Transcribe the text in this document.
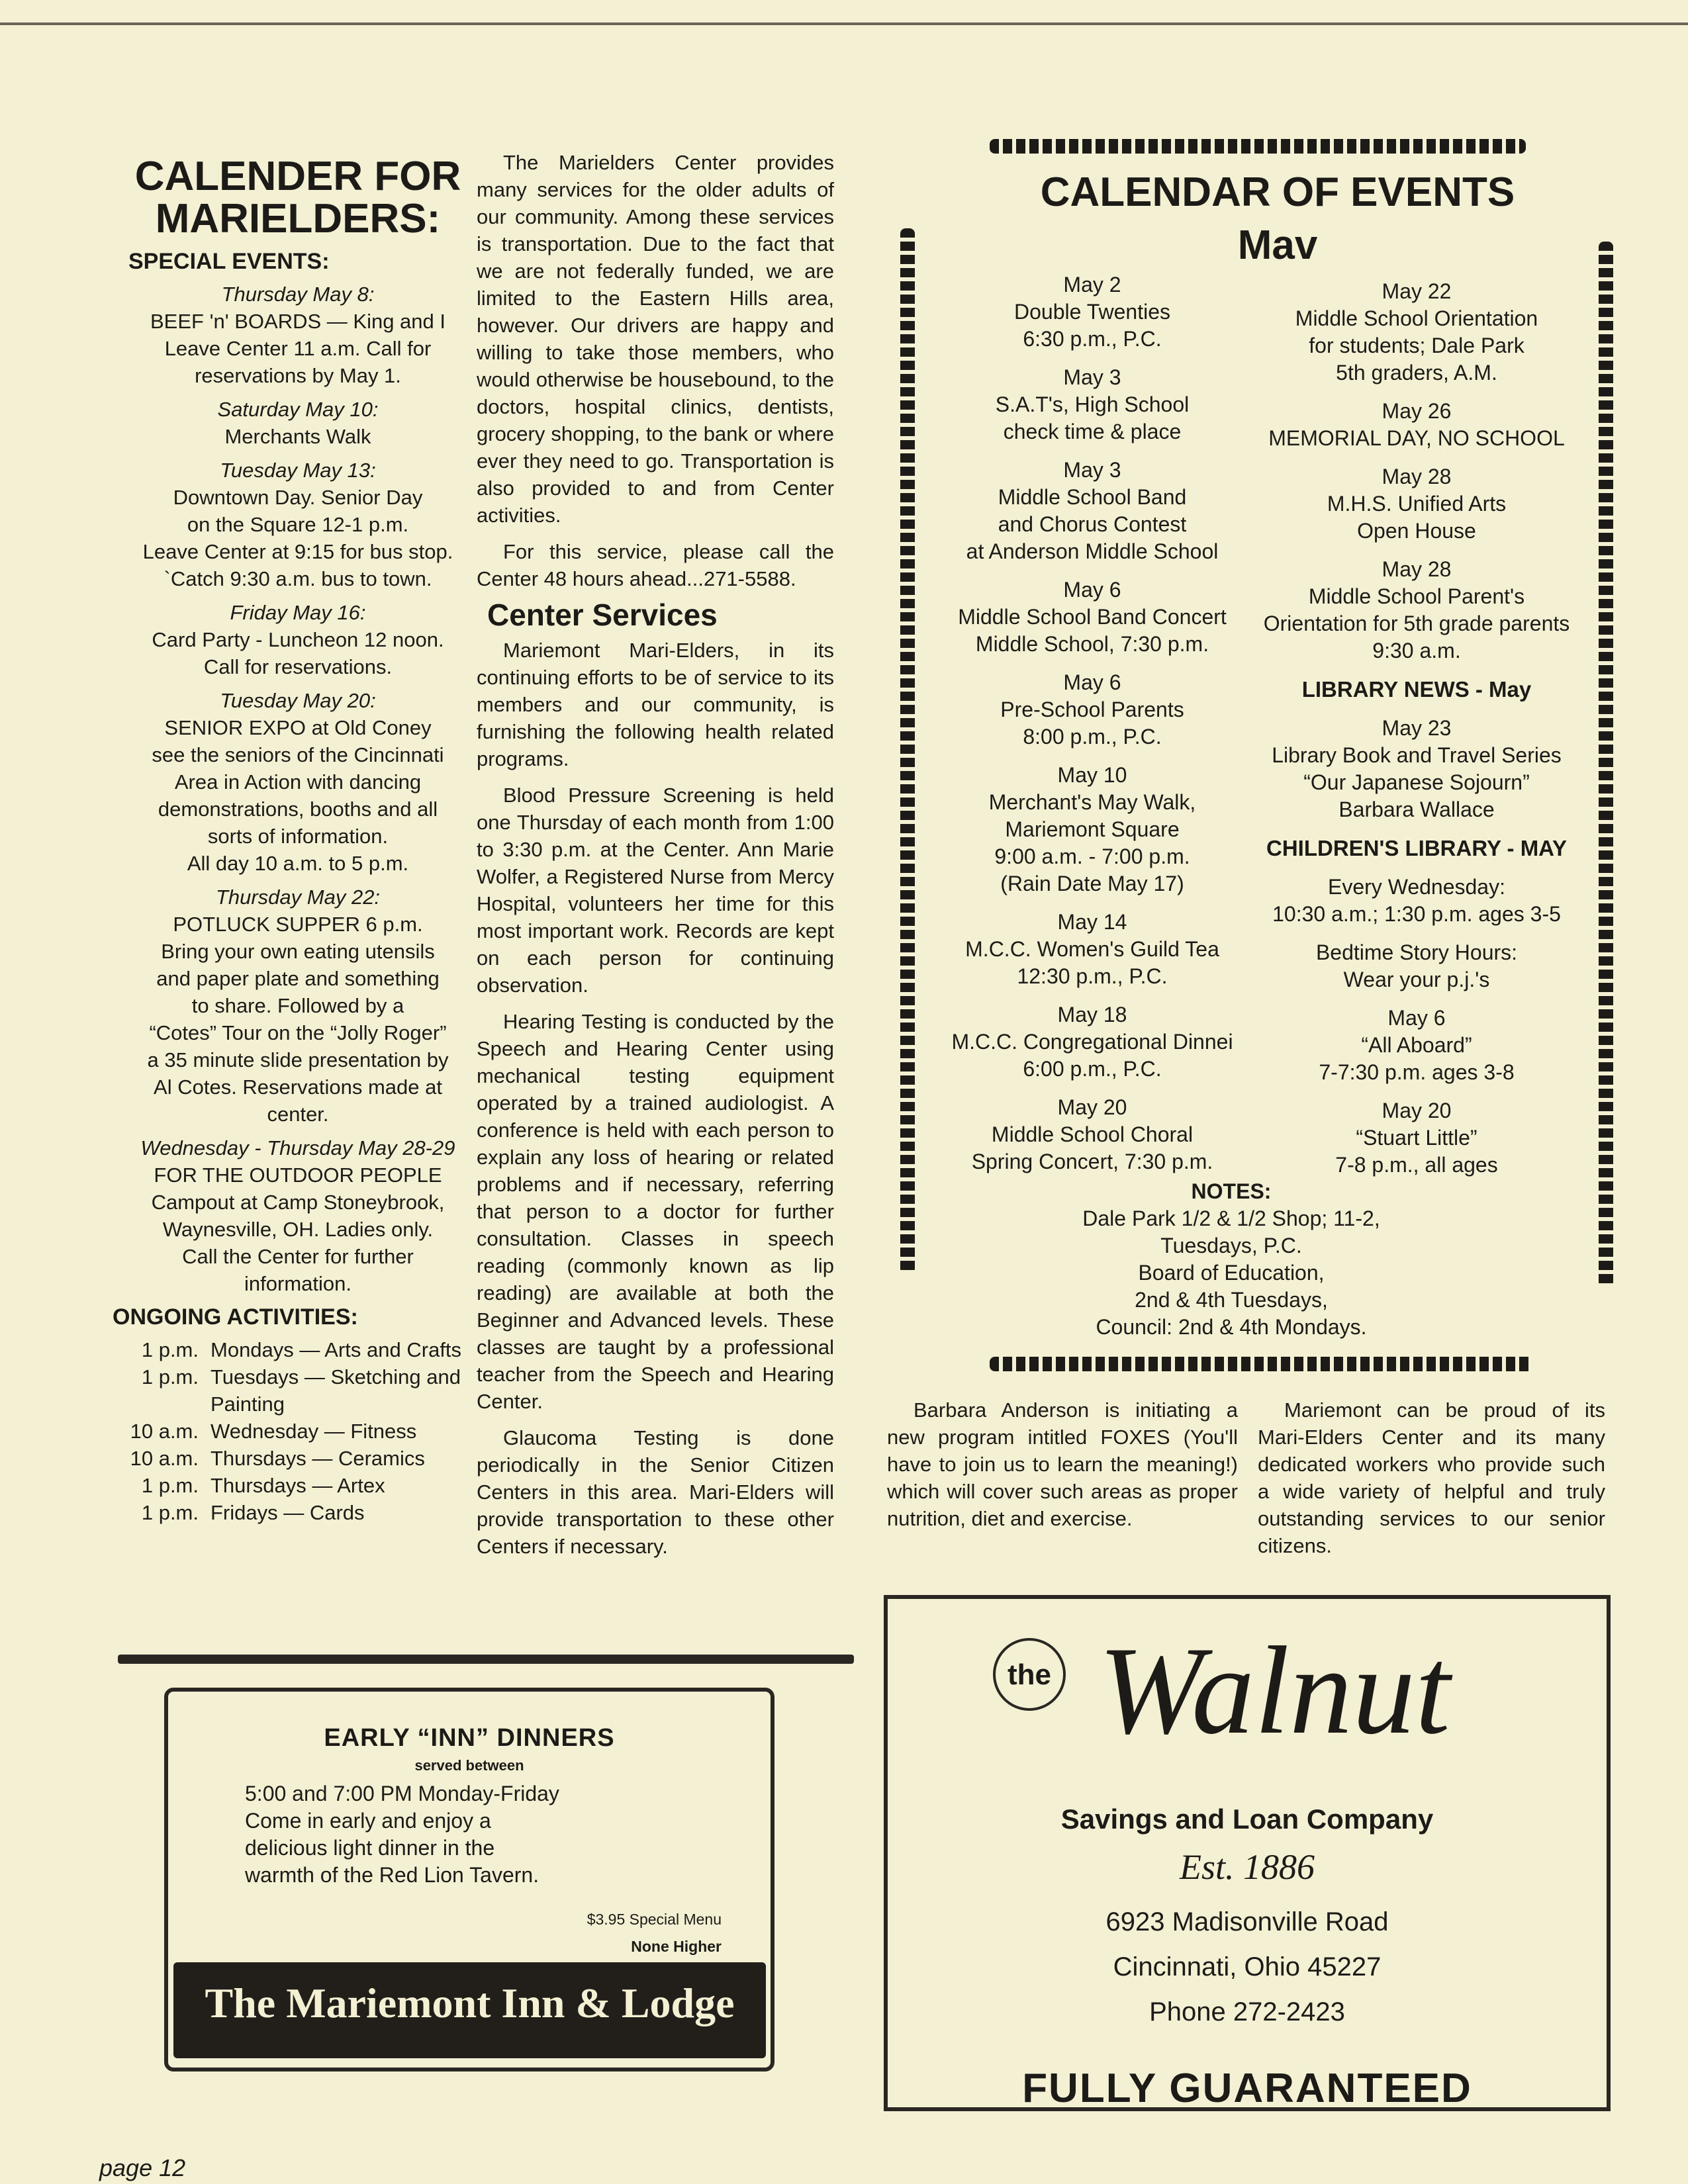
CALENDER FOR
MARIELDERS:
SPECIAL EVENTS:
Thursday May 8:
BEEF 'n' BOARDS — King and I
Leave Center 11 a.m. Call for
reservations by May 1.
Saturday May 10:
Merchants Walk
Tuesday May 13:
Downtown Day. Senior Day
on the Square 12-1 p.m.
Leave Center at 9:15 for bus stop.
`Catch 9:30 a.m. bus to town.
Friday May 16:
Card Party - Luncheon 12 noon.
Call for reservations.
Tuesday May 20:
SENIOR EXPO at Old Coney
see the seniors of the Cincinnati
Area in Action with dancing
demonstrations, booths and all
sorts of information.
All day 10 a.m. to 5 p.m.
Thursday May 22:
POTLUCK SUPPER 6 p.m.
Bring your own eating utensils
and paper plate and something
to share. Followed by a
“Cotes” Tour on the “Jolly Roger”
a 35 minute slide presentation by
Al Cotes. Reservations made at
center.
Wednesday - Thursday May 28-29
FOR THE OUTDOOR PEOPLE
Campout at Camp Stoneybrook,
Waynesville, OH. Ladies only.
Call the Center for further
information.
ONGOING ACTIVITIES:
1 p.m. Mondays — Arts and Crafts
1 p.m. Tuesdays — Sketching and Painting
10 a.m. Wednesday — Fitness
10 a.m. Thursdays — Ceramics
1 p.m. Thursdays — Artex
1 p.m. Fridays — Cards

The Marielders Center provides many services for the older adults of our community. Among these services is transportation. Due to the fact that we are not federally funded, we are limited to the Eastern Hills area, however. Our drivers are happy and willing to take those members, who would otherwise be housebound, to the doctors, hospital clinics, dentists, grocery shopping, to the bank or where ever they need to go. Transportation is also provided to and from Center activities.

For this service, please call the Center 48 hours ahead...271-5588.

Center Services

Mariemont Mari-Elders, in its continuing efforts to be of service to its members and our community, is furnishing the following health related programs.

Blood Pressure Screening is held one Thursday of each month from 1:00 to 3:30 p.m. at the Center. Ann Marie Wolfer, a Registered Nurse from Mercy Hospital, volunteers her time for this most important work. Records are kept on each person for continuing observation.

Hearing Testing is conducted by the Speech and Hearing Center using mechanical testing equipment operated by a trained audiologist. A conference is held with each person to explain any loss of hearing or related problems and if necessary, referring that person to a doctor for further consultation. Classes in speech reading (commonly known as lip reading) are available at both the Beginner and Advanced levels. These classes are taught by a professional teacher from the Speech and Hearing Center.

Glaucoma Testing is done periodically in the Senior Citizen Centers in this area. Mari-Elders will provide transportation to these other Centers if necessary.

CALENDAR OF EVENTS
Mav
May 2
Double Twenties
6:30 p.m., P.C.
May 3
S.A.T's, High School
check time & place
May 3
Middle School Band
and Chorus Contest
at Anderson Middle School
May 6
Middle School Band Concert
Middle School, 7:30 p.m.
May 6
Pre-School Parents
8:00 p.m., P.C.
May 10
Merchant's May Walk,
Mariemont Square
9:00 a.m. - 7:00 p.m.
(Rain Date May 17)
May 14
M.C.C. Women's Guild Tea
12:30 p.m., P.C.
May 18
M.C.C. Congregational Dinnei
6:00 p.m., P.C.
May 20
Middle School Choral
Spring Concert, 7:30 p.m.
May 22
Middle School Orientation
for students; Dale Park
5th graders, A.M.
May 26
MEMORIAL DAY, NO SCHOOL
May 28
M.H.S. Unified Arts
Open House
May 28
Middle School Parent's
Orientation for 5th grade parents
9:30 a.m.
LIBRARY NEWS - May
May 23
Library Book and Travel Series
“Our Japanese Sojourn”
Barbara Wallace
CHILDREN'S LIBRARY - MAY
Every Wednesday:
10:30 a.m.; 1:30 p.m. ages 3-5
Bedtime Story Hours:
Wear your p.j.'s
May 6
“All Aboard”
7-7:30 p.m. ages 3-8
May 20
“Stuart Little”
7-8 p.m., all ages
NOTES:
Dale Park 1/2 & 1/2 Shop; 11-2,
Tuesdays, P.C.
Board of Education,
2nd & 4th Tuesdays,
Council: 2nd & 4th Mondays.
Barbara Anderson is initiating a new program intitled FOXES (You'll have to join us to learn the meaning!) which will cover such areas as proper nutrition, diet and exercise.
Mariemont can be proud of its Mari-Elders Center and its many dedicated workers who provide such a wide variety of helpful and truly outstanding services to our senior citizens.
EARLY “INN” DINNERS
served between
5:00 and 7:00 PM Monday-Friday
Come in early and enjoy a
delicious light dinner in the
warmth of the Red Lion Tavern.
$3.95 Special Menu
None Higher
The Mariemont Inn & Lodge
the Walnut
Savings and Loan Company
Est. 1886
6923 Madisonville Road
Cincinnati, Ohio 45227
Phone 272-2423
FULLY GUARANTEED
page 12
